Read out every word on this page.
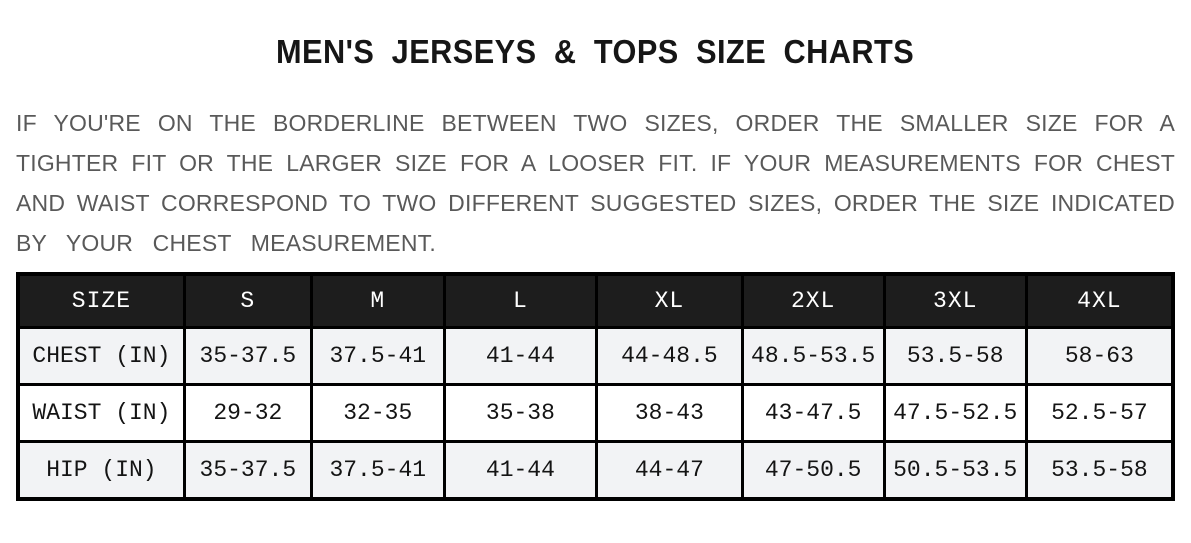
MEN'S JERSEYS & TOPS SIZE CHARTS
IF YOU'RE ON THE BORDERLINE BETWEEN TWO SIZES, ORDER THE SMALLER SIZE FOR A
TIGHTER FIT OR THE LARGER SIZE FOR A LOOSER FIT. IF YOUR MEASUREMENTS FOR CHEST
AND WAIST CORRESPOND TO TWO DIFFERENT SUGGESTED SIZES, ORDER THE SIZE INDICATED
BY YOUR CHEST MEASUREMENT.
SIZE	S	M	L	XL	2XL	3XL	4XL
CHEST (IN)	35-37.5	37.5-41	41-44	44-48.5	48.5-53.5	53.5-58	58-63
WAIST (IN)	29-32	32-35	35-38	38-43	43-47.5	47.5-52.5	52.5-57
HIP (IN)	35-37.5	37.5-41	41-44	44-47	47-50.5	50.5-53.5	53.5-58
